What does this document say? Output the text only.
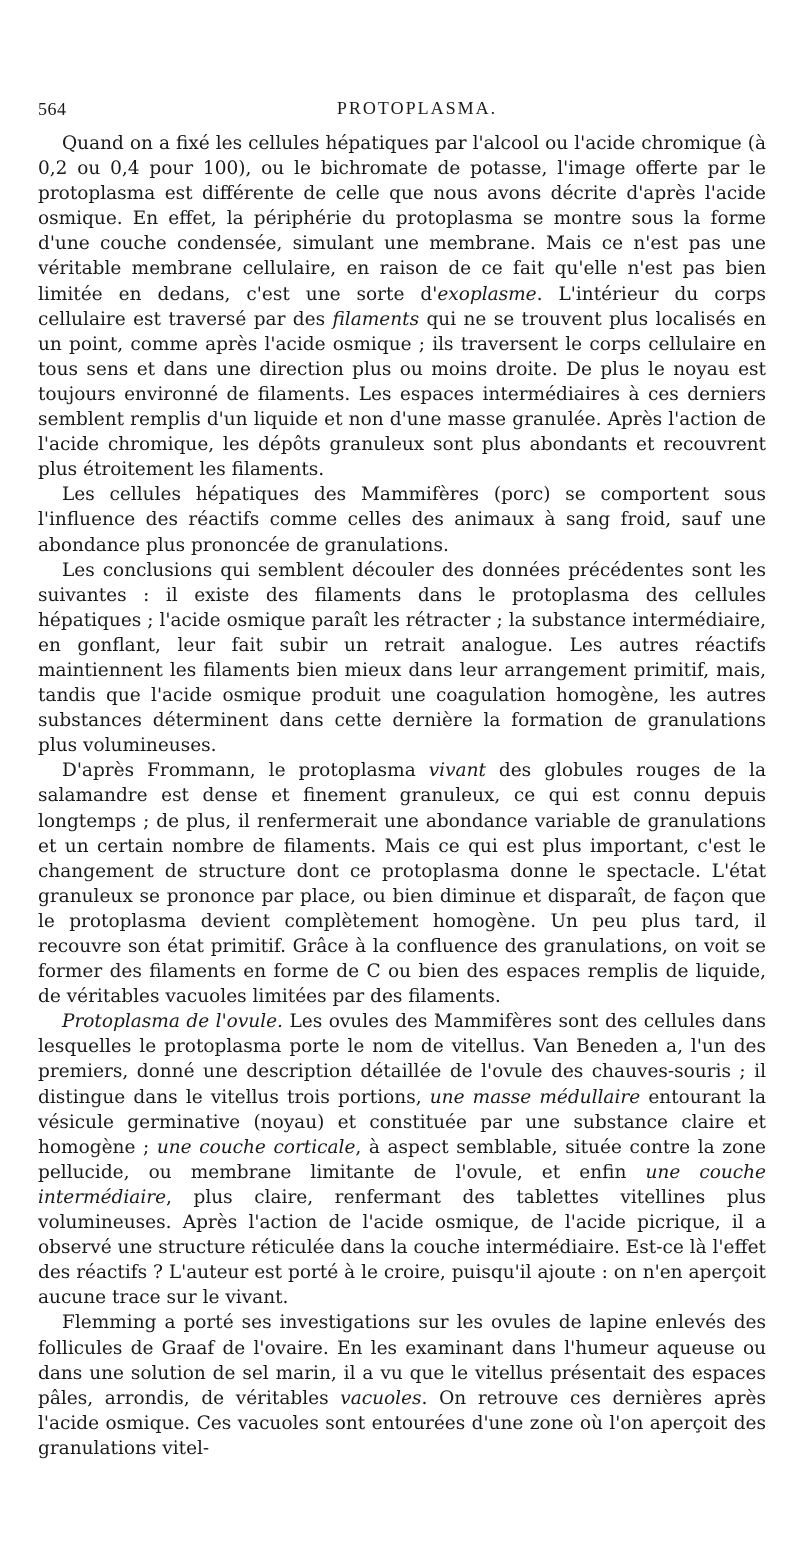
564	PROTOPLASMA.

Quand on a fixé les cellules hépatiques par l'alcool ou l'acide chromique (à 0,2 ou 0,4 pour 100), ou le bichromate de potasse, l'image offerte par le protoplasma est différente de celle que nous avons décrite d'après l'acide osmique. En effet, la périphérie du protoplasma se montre sous la forme d'une couche condensée, simulant une membrane. Mais ce n'est pas une véritable membrane cellulaire, en raison de ce fait qu'elle n'est pas bien limitée en dedans, c'est une sorte d'exoplasme. L'intérieur du corps cellulaire est traversé par des filaments qui ne se trouvent plus localisés en un point, comme après l'acide osmique ; ils traversent le corps cellulaire en tous sens et dans une direction plus ou moins droite. De plus le noyau est toujours environné de filaments. Les espaces intermédiaires à ces derniers semblent remplis d'un liquide et non d'une masse granulée. Après l'action de l'acide chromique, les dépôts granuleux sont plus abondants et recouvrent plus étroitement les filaments.

Les cellules hépatiques des Mammifères (porc) se comportent sous l'influence des réactifs comme celles des animaux à sang froid, sauf une abondance plus prononcée de granulations.

Les conclusions qui semblent découler des données précédentes sont les suivantes : il existe des filaments dans le protoplasma des cellules hépatiques ; l'acide osmique paraît les rétracter ; la substance intermédiaire, en gonflant, leur fait subir un retrait analogue. Les autres réactifs maintiennent les filaments bien mieux dans leur arrangement primitif, mais, tandis que l'acide osmique produit une coagulation homogène, les autres substances déterminent dans cette dernière la formation de granulations plus volumineuses.

D'après Frommann, le protoplasma vivant des globules rouges de la salamandre est dense et finement granuleux, ce qui est connu depuis longtemps ; de plus, il renfermerait une abondance variable de granulations et un certain nombre de filaments. Mais ce qui est plus important, c'est le changement de structure dont ce protoplasma donne le spectacle. L'état granuleux se prononce par place, ou bien diminue et disparaît, de façon que le protoplasma devient complètement homogène. Un peu plus tard, il recouvre son état primitif. Grâce à la confluence des granulations, on voit se former des filaments en forme de C ou bien des espaces remplis de liquide, de véritables vacuoles limitées par des filaments.

Protoplasma de l'ovule. Les ovules des Mammifères sont des cellules dans lesquelles le protoplasma porte le nom de vitellus. Van Beneden a, l'un des premiers, donné une description détaillée de l'ovule des chauves-souris ; il distingue dans le vitellus trois portions, une masse médullaire entourant la vésicule germinative (noyau) et constituée par une substance claire et homogène ; une couche corticale, à aspect semblable, située contre la zone pellucide, ou membrane limitante de l'ovule, et enfin une couche intermédiaire, plus claire, renfermant des tablettes vitellines plus volumineuses. Après l'action de l'acide osmique, de l'acide picrique, il a observé une structure réticulée dans la couche intermédiaire. Est-ce là l'effet des réactifs ? L'auteur est porté à le croire, puisqu'il ajoute : on n'en aperçoit aucune trace sur le vivant.

Flemming a porté ses investigations sur les ovules de lapine enlevés des follicules de Graaf de l'ovaire. En les examinant dans l'humeur aqueuse ou dans une solution de sel marin, il a vu que le vitellus présentait des espaces pâles, arrondis, de véritables vacuoles. On retrouve ces dernières après l'acide osmique. Ces vacuoles sont entourées d'une zone où l'on aperçoit des granulations vitel-
